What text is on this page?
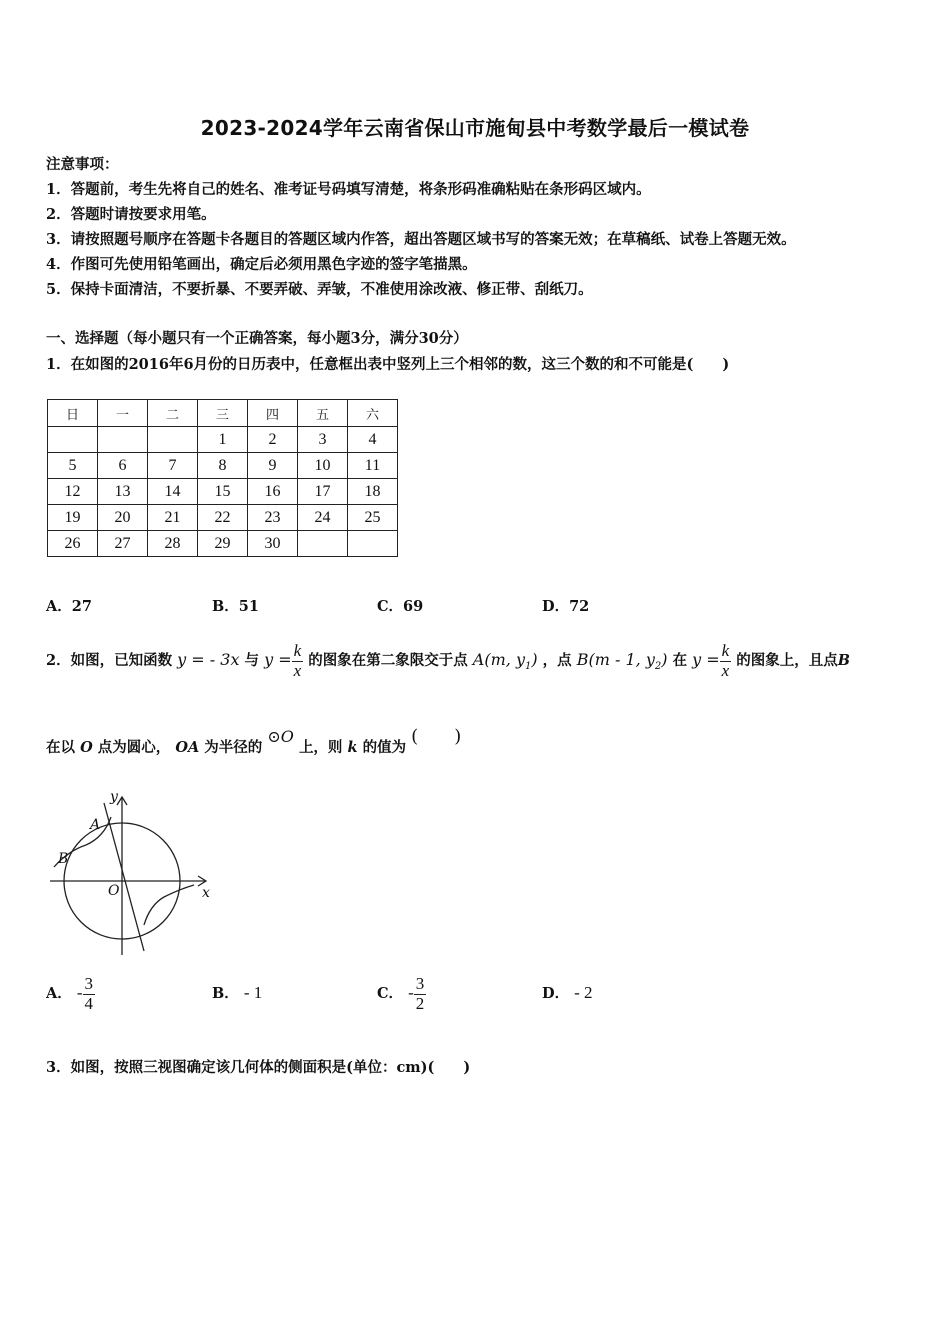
2023-2024学年云南省保山市施甸县中考数学最后一模试卷
注意事项：
1．答题前，考生先将自己的姓名、准考证号码填写清楚，将条形码准确粘贴在条形码区域内。
2．答题时请按要求用笔。
3．请按照题号顺序在答题卡各题目的答题区域内作答，超出答题区域书写的答案无效；在草稿纸、试卷上答题无效。
4．作图可先使用铅笔画出，确定后必须用黑色字迹的签字笔描黑。
5．保持卡面清洁，不要折暴、不要弄破、弄皱，不准使用涂改液、修正带、刮纸刀。
一、选择题（每小题只有一个正确答案，每小题3分，满分30分）
1．在如图的2016年6月份的日历表中，任意框出表中竖列上三个相邻的数，这三个数的和不可能是(　　)
日	一	二	三	四	五	六
			1	2	3	4
5	6	7	8	9	10	11
12	13	14	15	16	17	18
19	20	21	22	23	24	25
26	27	28	29	30		
A．27	B．51	C．69	D．72
2．如图，已知函数 y = - 3x 与 $y = \frac{k}{x}$ 的图象在第二象限交于点 A(m, $y_1$) ，点 B(m - 1, $y_2$) 在 $y = \frac{k}{x}$ 的图象上，且点B
在以 O 点为圆心， OA 为半径的 ⊙O 上，则 k 的值为 (　　)
y
x
O
A
B
A． - $\frac{3}{4}$	B． - 1	C． - $\frac{3}{2}$	D． - 2
3．如图，按照三视图确定该几何体的侧面积是(单位：cm)(　　)
